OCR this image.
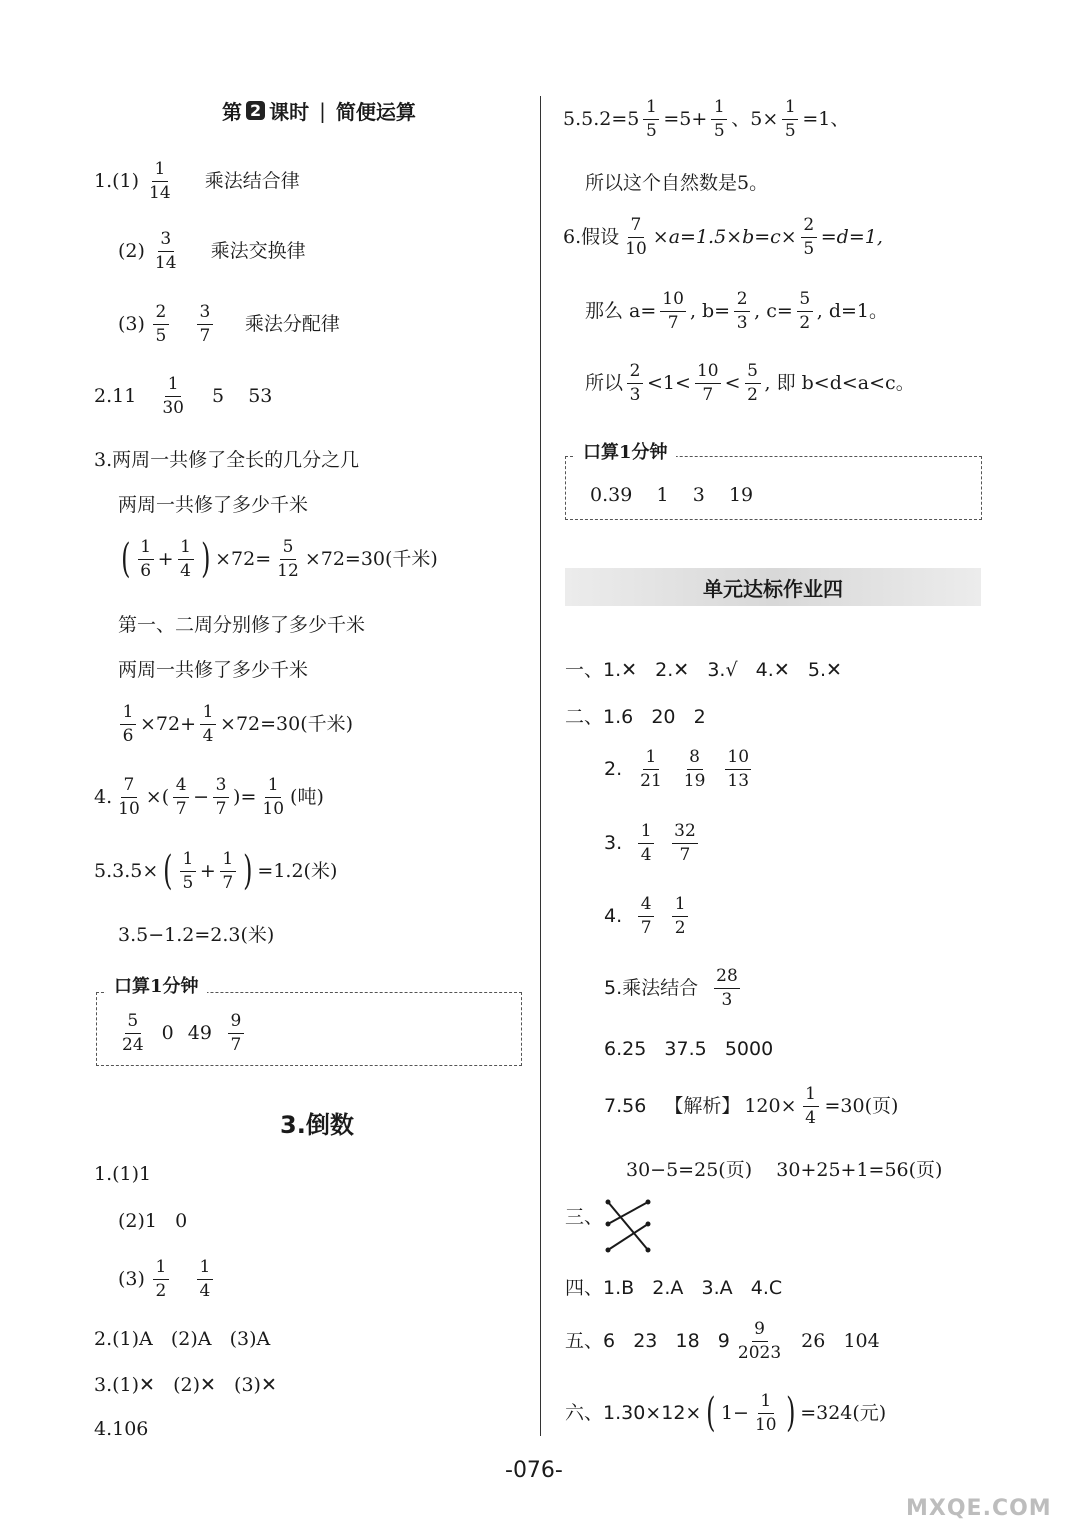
第 2 课时 | 简便运算
$1.(1) \frac{1}{14}$ 乘法结合律
$(2) \frac{3}{14}$ 乘法交换律
$(3) \frac{2}{5} \frac{3}{7}$ 乘法分配律
$2.11 \frac{1}{30} 5$    53
3.两周一共修了全长的几分之几
两周一共修了多少千米
( $\frac{1}{6} + \frac{1}{4}$ ) $\times 72= \frac{5}{12} \times 72=30$(千米)
第一、二周分别修了多少千米
两周一共修了多少千米
$\frac{1}{6} \times 72+ \frac{1}{4} \times 72=30$(千米)
4. $\frac{7}{10}$ ×( $\frac{4}{7} - \frac{3}{7}$ )= $\frac{1}{10}$ (吨)
5.3.5× ( $\frac{1}{5} + \frac{1}{7}$ ) =1.2(米)
3.5−1.2=2.3(米)
口算1分钟
$\frac{5}{24} 0$ $49 \frac{9}{7}$
3.倒数
1.(1)1
(2)1   0
$(3) \frac{1}{2} \frac{1}{4}$
2.(1)A   (2)A   (3)A
3.(1)✕   (2)✕   (3)✕
4.106
$5.5.2=5 \frac{1}{5} =5+ \frac{1}{5}$ 、$5\times \frac{1}{5} =1$、
所以这个自然数是5。
6.假设 $\frac{7}{10} \times a=1.5\times b=c\times \frac{2}{5} =d=1$,
那么 $a= \frac{10}{7}$ , $b= \frac{2}{3}$ , $c= \frac{5}{2}$ , d=1。
所以 $\frac{2}{3} <1< \frac{10}{7} < \frac{5}{2}$ , 即 b<d<a<c。
口算1分钟
0.39    1    3    19
单元达标作业四
一、1.✕   2.✕   3.√   4.✕   5.✕
二、1.6   20   2
2. $\frac{1}{21} \frac{8}{19} \frac{10}{13}$
3. $\frac{1}{4} \frac{32}{7}$
4. $\frac{4}{7} \frac{1}{2}$
5.乘法结合 $\frac{28}{3}$
6.25   37.5   5000
7.56 【解析】 $120\times \frac{1}{4} =30$(页)
30−5=25(页)    30+25+1=56(页)
三、
四、1.B   2.A   3.A   4.C
五、6   23   18   $9 \frac{9}{2023} 26$   104
六、1.30×12× ( $1- \frac{1}{10}$ ) =324(元)
-076-
MXQE.COM
